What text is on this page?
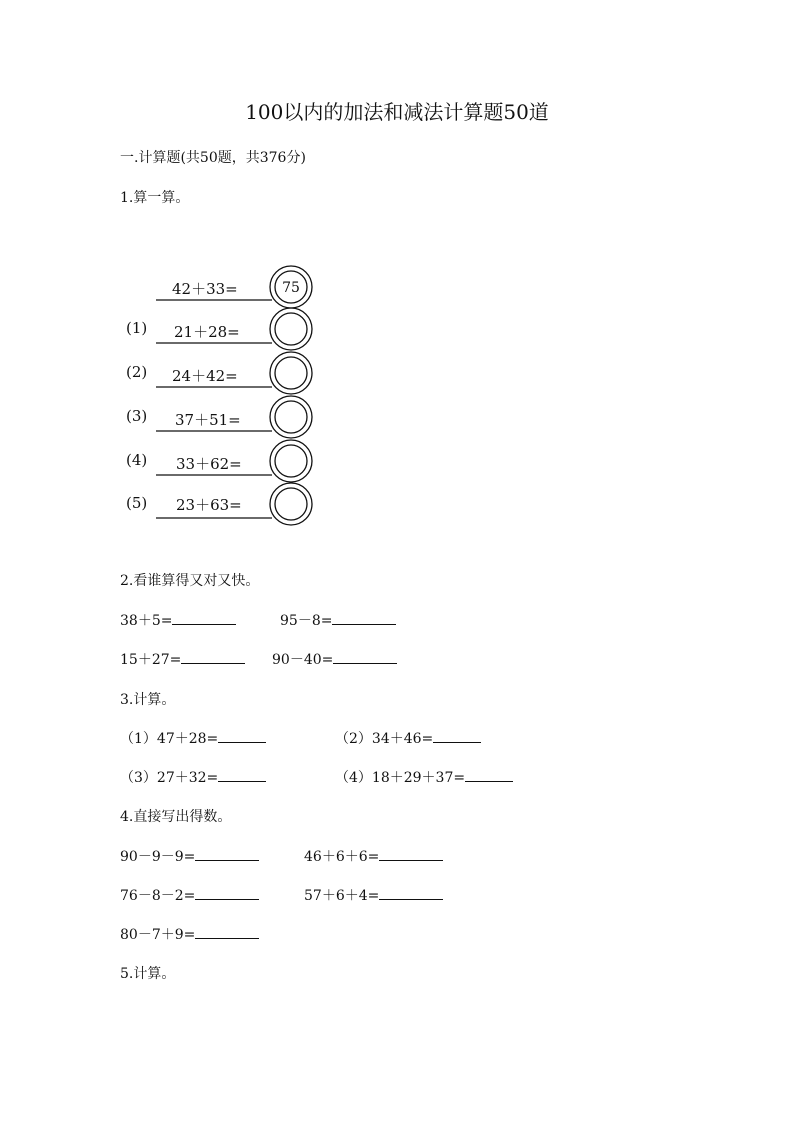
100以内的加法和减法计算题50道
一.计算题(共50题，共376分)
1.算一算。
42＋33=	75
(1) 21＋28=
(2) 24＋42=
(3) 37＋51=
(4) 33＋62=
(5) 23＋63=
2.看谁算得又对又快。
38＋5=	95－8=
15＋27=	90－40=
3.计算。
（1）47＋28=	（2）34＋46=
（3）27＋32=	（4）18＋29＋37=
4.直接写出得数。
90－9－9=	46＋6＋6=
76－8－2=	57＋6＋4=
80－7＋9=
5.计算。
